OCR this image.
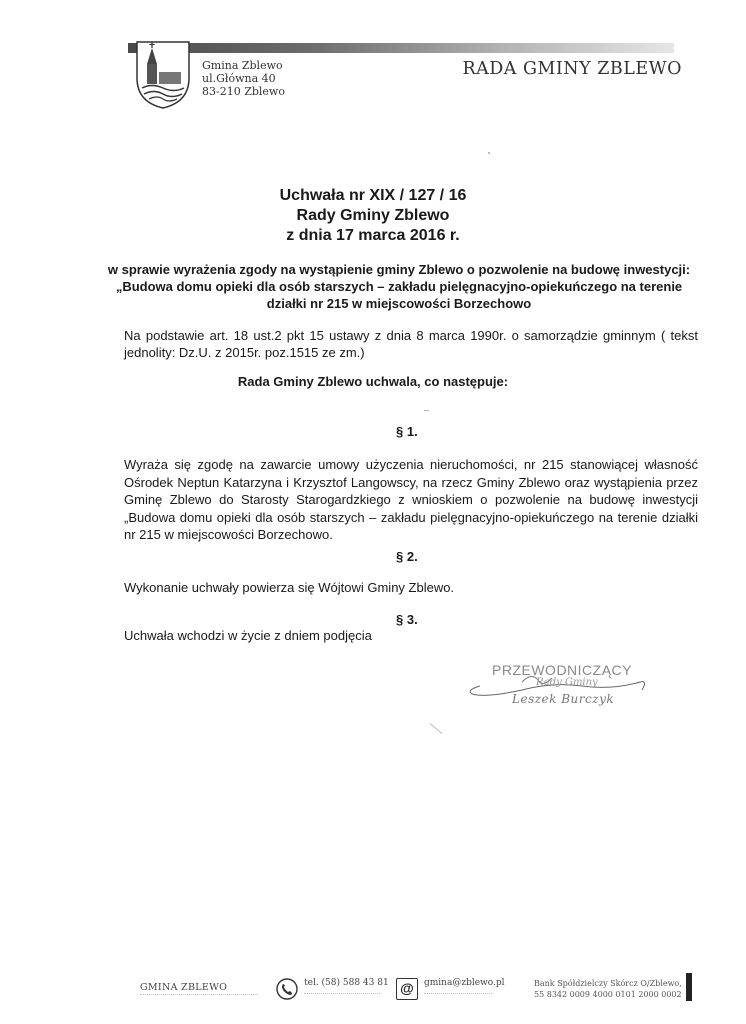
Gmina Zblewo
ul.Główna 40
83-210 Zblewo
RADA GMINY ZBLEWO
Uchwała nr XIX / 127 / 16
Rady Gminy Zblewo
z dnia 17 marca 2016 r.
w sprawie wyrażenia zgody na wystąpienie gminy Zblewo o pozwolenie na budowę inwestycji:
„Budowa domu opieki dla osób starszych – zakładu pielęgnacyjno-opiekuńczego na terenie
działki nr 215 w miejscowości Borzechowo
Na podstawie art. 18 ust.2 pkt 15 ustawy z dnia 8 marca 1990r. o samorządzie gminnym ( tekst jednolity: Dz.U. z 2015r. poz.1515 ze zm.)
Rada Gminy Zblewo uchwala, co następuje:
§ 1.
Wyraża się zgodę na zawarcie umowy użyczenia nieruchomości, nr 215 stanowiącej własność Ośrodek Neptun Katarzyna i Krzysztof Langowscy, na rzecz Gminy Zblewo oraz wystąpienia przez Gminę Zblewo do Starosty Starogardzkiego z wnioskiem o pozwolenie na budowę inwestycji „Budowa domu opieki dla osób starszych – zakładu pielęgnacyjno-opiekuńczego na terenie działki nr 215 w miejscowości Borzechowo.
§ 2.
Wykonanie uchwały powierza się Wójtowi Gminy Zblewo.
§ 3.
Uchwała wchodzi w życie z dniem podjęcia
PRZEWODNICZĄCY
Rady Gminy
Leszek Burczyk
GMINA ZBLEWO	tel. (58) 588 43 81 @	gmina@zblewo.pl	Bank Spółdzielczy Skórcz O/Zblewo,
55 8342 0009 4000 0101 2000 0002
